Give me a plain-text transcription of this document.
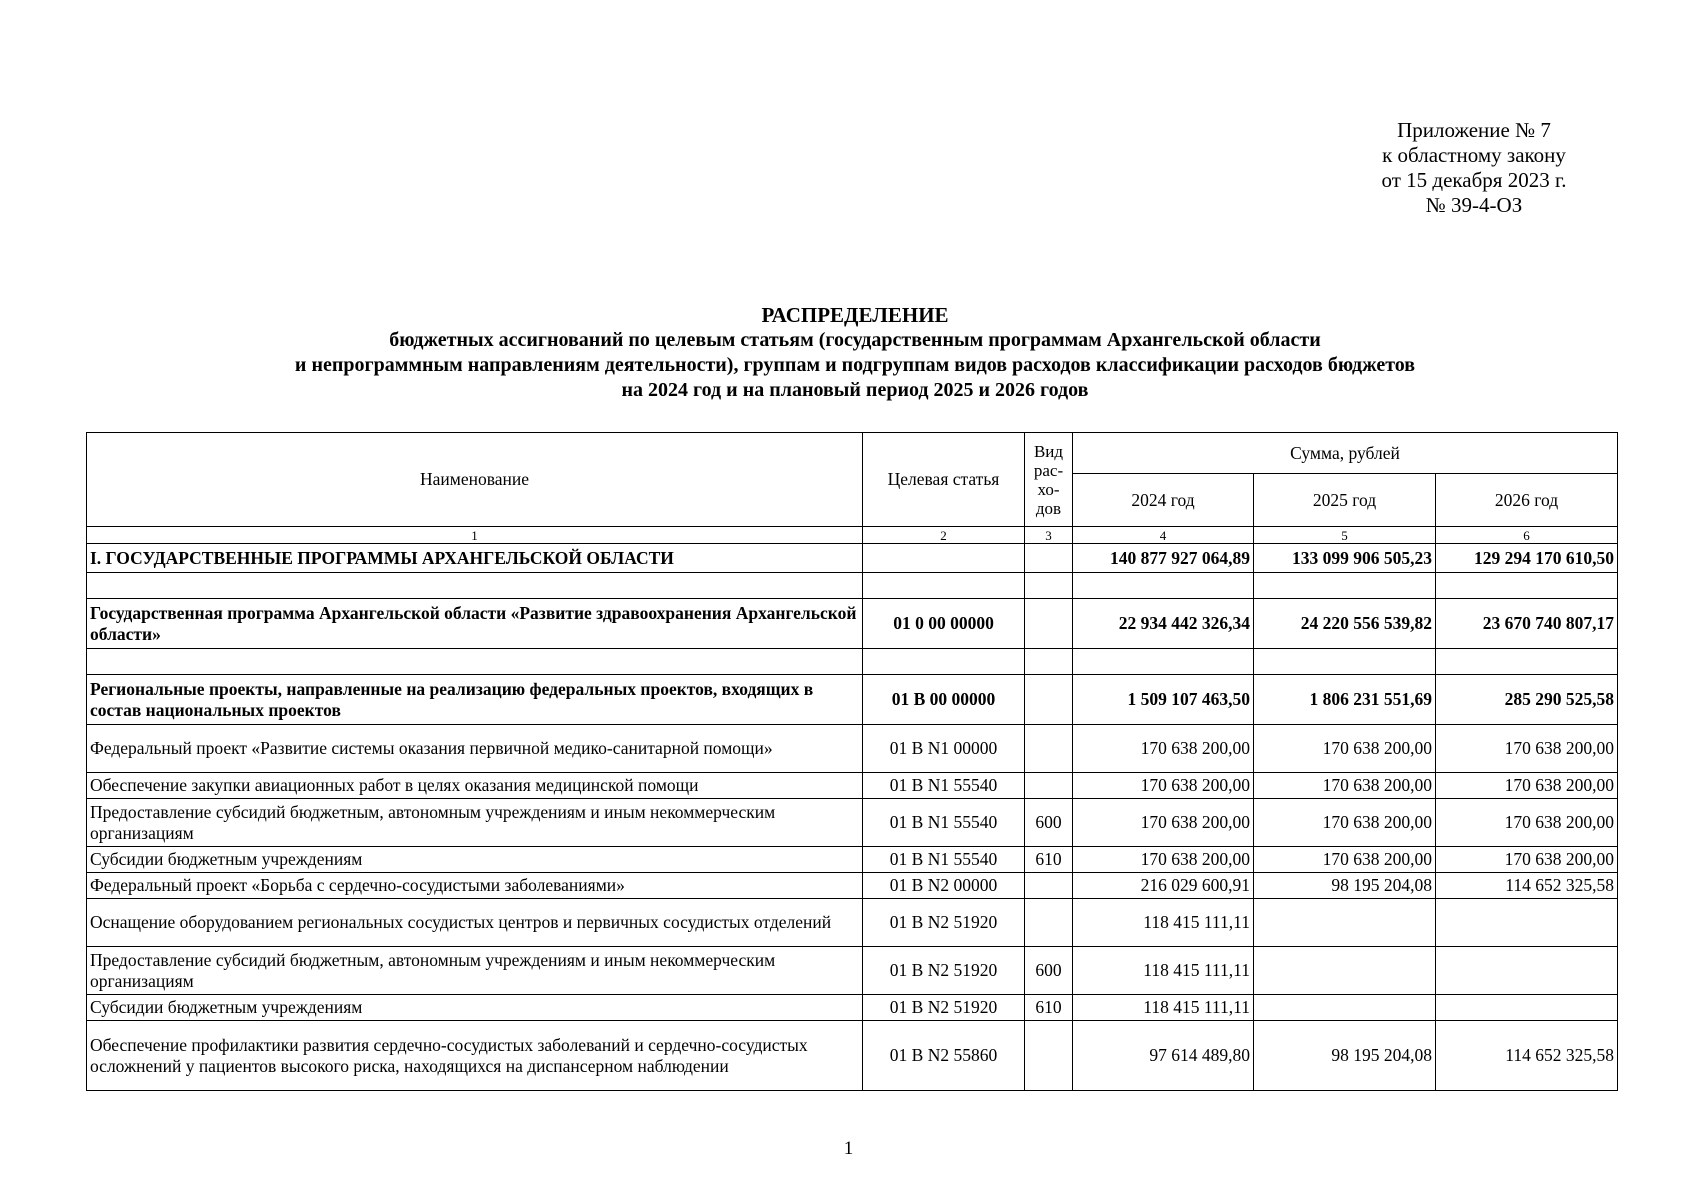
Приложение № 7
к областному закону
от 15 декабря 2023 г.
№ 39-4-ОЗ
РАСПРЕДЕЛЕНИЕ
бюджетных ассигнований по целевым статьям (государственным программам Архангельской области
и непрограммным направлениям деятельности), группам и подгруппам видов расходов классификации расходов бюджетов
на 2024 год и на плановый период 2025 и 2026 годов
Наименование	Целевая статья	Вид рас-хо-дов	Сумма, рублей		
			2024 год	2025 год	2026 год
1	2	3	4	5	6
I. ГОСУДАРСТВЕННЫЕ ПРОГРАММЫ АРХАНГЕЛЬСКОЙ ОБЛАСТИ			140 877 927 064,89	133 099 906 505,23	129 294 170 610,50

Государственная программа Архангельской области «Развитие здравоохранения Архангельской области»	01 0 00 00000		22 934 442 326,34	24 220 556 539,82	23 670 740 807,17

Региональные проекты, направленные на реализацию федеральных проектов, входящих в состав национальных проектов	01 В 00 00000		1 509 107 463,50	1 806 231 551,69	285 290 525,58
Федеральный проект «Развитие системы оказания первичной медико-санитарной помощи»	01 В N1 00000		170 638 200,00	170 638 200,00	170 638 200,00
Обеспечение закупки авиационных работ в целях оказания медицинской помощи	01 В N1 55540		170 638 200,00	170 638 200,00	170 638 200,00
Предоставление субсидий бюджетным, автономным учреждениям и иным некоммерческим организациям	01 В N1 55540	600	170 638 200,00	170 638 200,00	170 638 200,00
Субсидии бюджетным учреждениям	01 В N1 55540	610	170 638 200,00	170 638 200,00	170 638 200,00
Федеральный проект «Борьба с сердечно-сосудистыми заболеваниями»	01 В N2 00000		216 029 600,91	98 195 204,08	114 652 325,58
Оснащение оборудованием региональных сосудистых центров и первичных сосудистых отделений	01 В N2 51920		118 415 111,11		
Предоставление субсидий бюджетным, автономным учреждениям и иным некоммерческим организациям	01 В N2 51920	600	118 415 111,11		
Субсидии бюджетным учреждениям	01 В N2 51920	610	118 415 111,11		
Обеспечение профилактики развития сердечно-сосудистых заболеваний и сердечно-сосудистых осложнений у пациентов высокого риска, находящихся на диспансерном наблюдении	01 В N2 55860		97 614 489,80	98 195 204,08	114 652 325,58
1
